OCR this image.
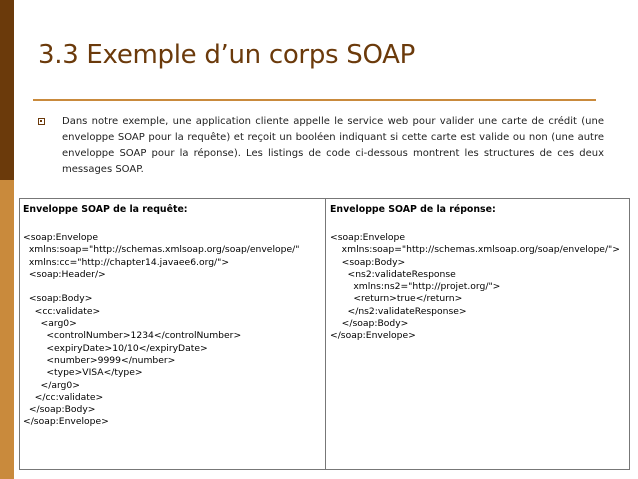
3.3 Exemple d’un corps SOAP

Dans notre exemple, une application cliente appelle le service web pour valider une carte de crédit (une enveloppe SOAP pour la requête) et reçoit un booléen indiquant si cette carte est valide ou non (une autre enveloppe SOAP pour la réponse). Les listings de code ci-dessous montrent les structures de ces deux messages SOAP.

Enveloppe SOAP de la requête:
<soap:Envelope
xmlns:soap="http://schemas.xmlsoap.org/soap/envelope/"
xmlns:cc="http://chapter14.javaee6.org/">
<soap:Header/>

<soap:Body>
<cc:validate>
<arg0>
<controlNumber>1234</controlNumber>
<expiryDate>10/10</expiryDate>
<number>9999</number>
<type>VISA</type>
</arg0>
</cc:validate>
</soap:Body>
</soap:Envelope>
Enveloppe SOAP de la réponse:
<soap:Envelope
xmlns:soap="http://schemas.xmlsoap.org/soap/envelope/">
<soap:Body>
<ns2:validateResponse
xmlns:ns2="http://projet.org/">
<return>true</return>
</ns2:validateResponse>
</soap:Body>
</soap:Envelope>
